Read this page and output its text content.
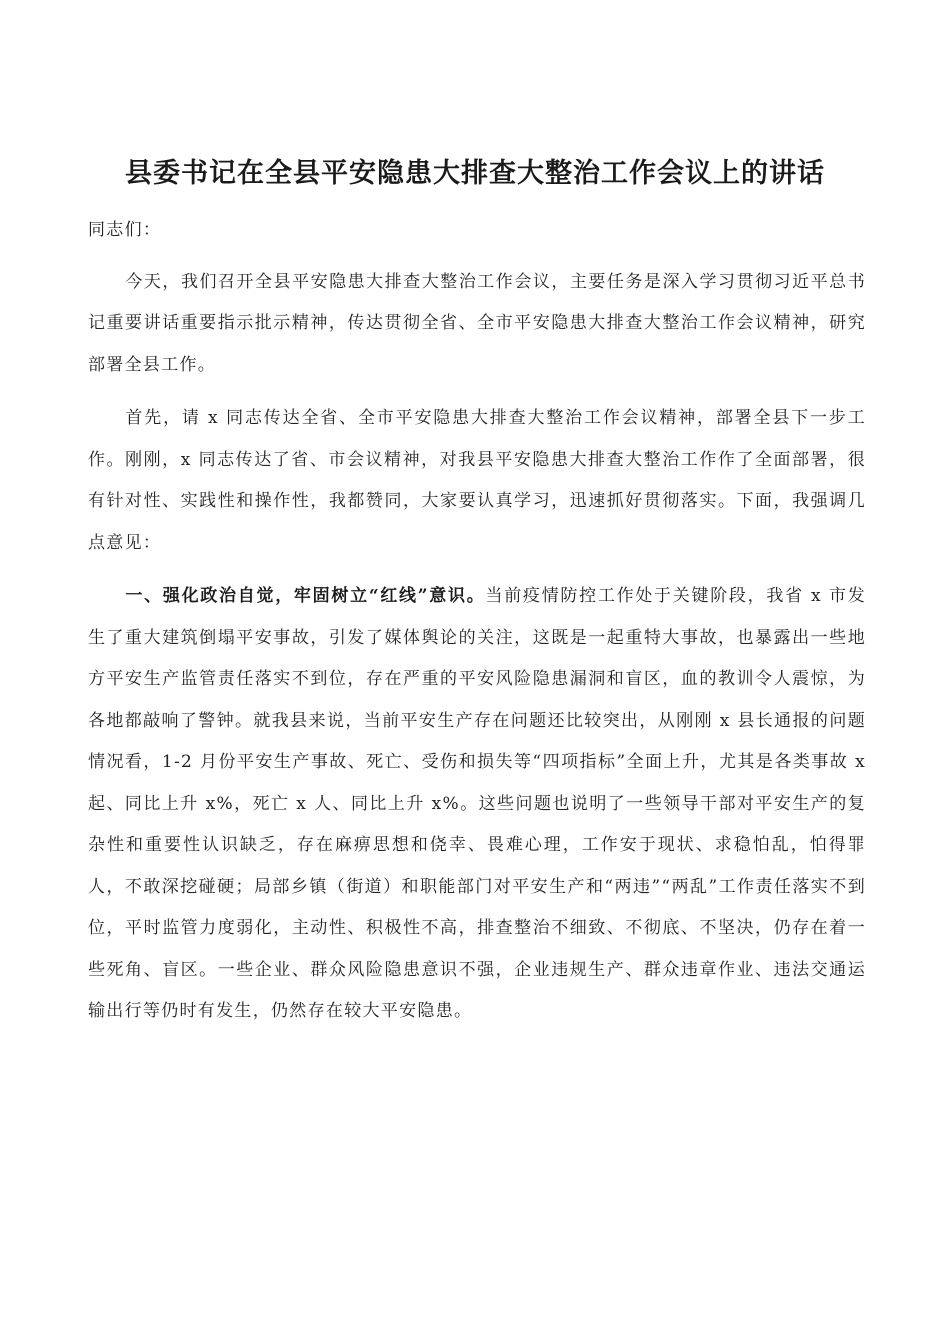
县委书记在全县平安隐患大排查大整治工作会议上的讲话

同志们：

今天，我们召开全县平安隐患大排查大整治工作会议，主要任务是深入学习贯彻习近平总书记重要讲话重要指示批示精神，传达贯彻全省、全市平安隐患大排查大整治工作会议精神，研究部署全县工作。

首先，请 x 同志传达全省、全市平安隐患大排查大整治工作会议精神，部署全县下一步工作。刚刚，x 同志传达了省、市会议精神，对我县平安隐患大排查大整治工作作了全面部署，很有针对性、实践性和操作性，我都赞同，大家要认真学习，迅速抓好贯彻落实。下面，我强调几点意见：

一、强化政治自觉，牢固树立“红线”意识。当前疫情防控工作处于关键阶段，我省 x 市发生了重大建筑倒塌平安事故，引发了媒体舆论的关注，这既是一起重特大事故，也暴露出一些地方平安生产监管责任落实不到位，存在严重的平安风险隐患漏洞和盲区，血的教训令人震惊，为各地都敲响了警钟。就我县来说，当前平安生产存在问题还比较突出，从刚刚 x 县长通报的问题情况看，1-2 月份平安生产事故、死亡、受伤和损失等“四项指标”全面上升，尤其是各类事故 x 起、同比上升 x%，死亡 x 人、同比上升 x%。这些问题也说明了一些领导干部对平安生产的复杂性和重要性认识缺乏，存在麻痹思想和侥幸、畏难心理，工作安于现状、求稳怕乱，怕得罪人，不敢深挖碰硬；局部乡镇（街道）和职能部门对平安生产和“两违”“两乱”工作责任落实不到位，平时监管力度弱化，主动性、积极性不高，排查整治不细致、不彻底、不坚决，仍存在着一些死角、盲区。一些企业、群众风险隐患意识不强，企业违规生产、群众违章作业、违法交通运输出行等仍时有发生，仍然存在较大平安隐患。
